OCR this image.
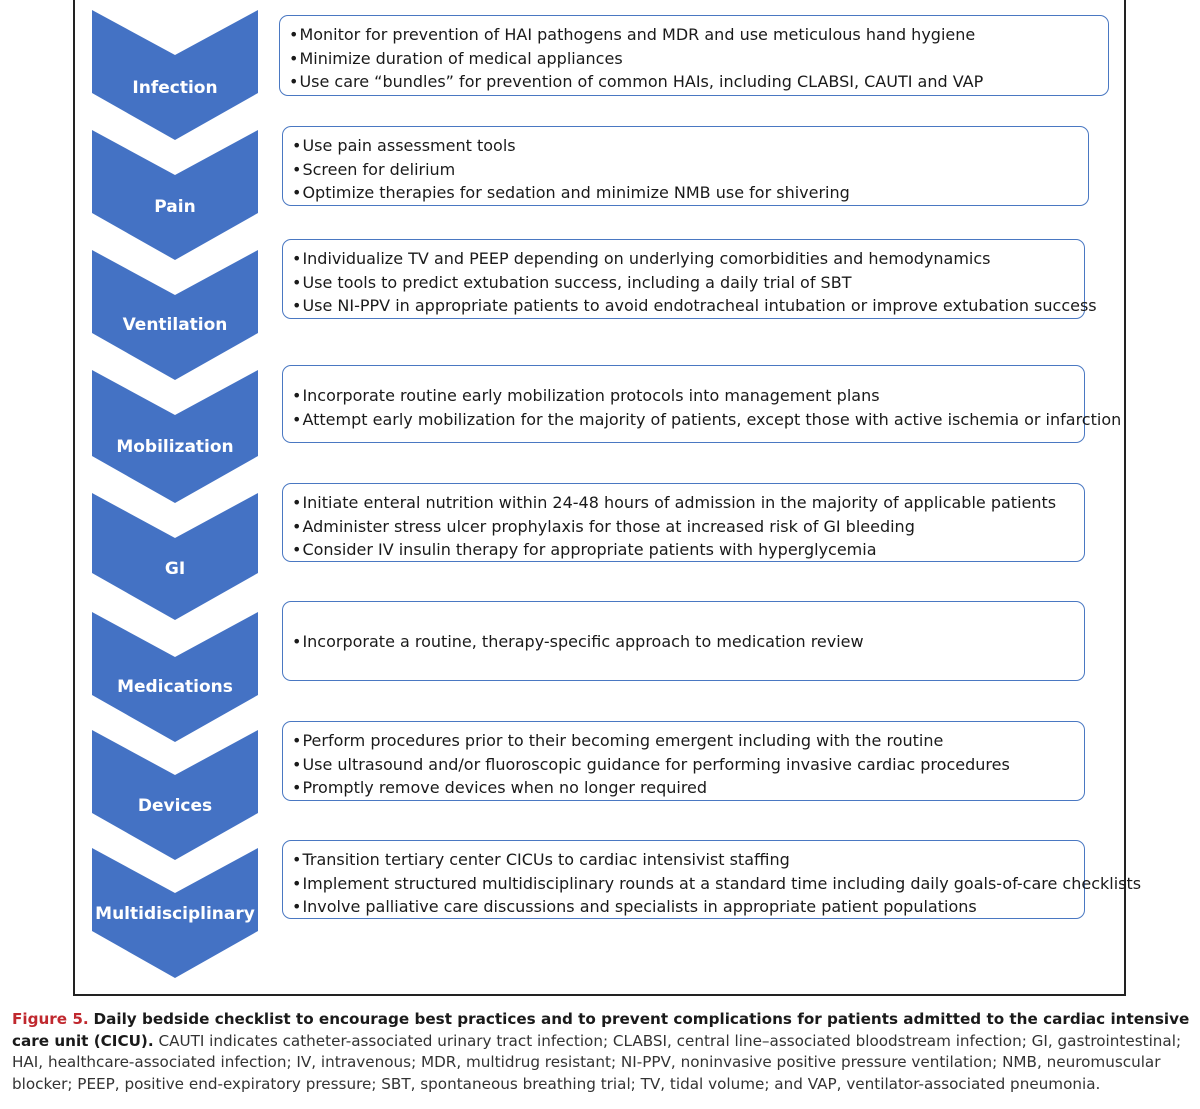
Infection
• Monitor for prevention of HAI pathogens and MDR and use meticulous hand hygiene
• Minimize duration of medical appliances
• Use care “bundles” for prevention of common HAIs, including CLABSI, CAUTI and VAP
Pain
• Use pain assessment tools
• Screen for delirium
• Optimize therapies for sedation and minimize NMB use for shivering
Ventilation
• Individualize TV and PEEP depending on underlying comorbidities and hemodynamics
• Use tools to predict extubation success, including a daily trial of SBT
• Use NI-PPV in appropriate patients to avoid endotracheal intubation or improve extubation success
Mobilization
• Incorporate routine early mobilization protocols into management plans
• Attempt early mobilization for the majority of patients, except those with active ischemia or infarction
GI
• Initiate enteral nutrition within 24-48 hours of admission in the majority of applicable patients
• Administer stress ulcer prophylaxis for those at increased risk of GI bleeding
• Consider IV insulin therapy for appropriate patients with hyperglycemia
Medications
• Incorporate a routine, therapy-specific approach to medication review
Devices
• Perform procedures prior to their becoming emergent including with the routine
• Use ultrasound and/or fluoroscopic guidance for performing invasive cardiac procedures
• Promptly remove devices when no longer required
Multidisciplinary
• Transition tertiary center CICUs to cardiac intensivist staffing
• Implement structured multidisciplinary rounds at a standard time including daily goals-of-care checklists
• Involve palliative care discussions and specialists in appropriate patient populations
Figure 5. Daily bedside checklist to encourage best practices and to prevent complications for patients admitted to the cardiac intensive care unit (CICU). CAUTI indicates catheter-associated urinary tract infection; CLABSI, central line–associated bloodstream infection; GI, gastrointestinal; HAI, healthcare-associated infection; IV, intravenous; MDR, multidrug resistant; NI-PPV, noninvasive positive pressure ventilation; NMB, neuromuscular blocker; PEEP, positive end-expiratory pressure; SBT, spontaneous breathing trial; TV, tidal volume; and VAP, ventilator-associated pneumonia.
